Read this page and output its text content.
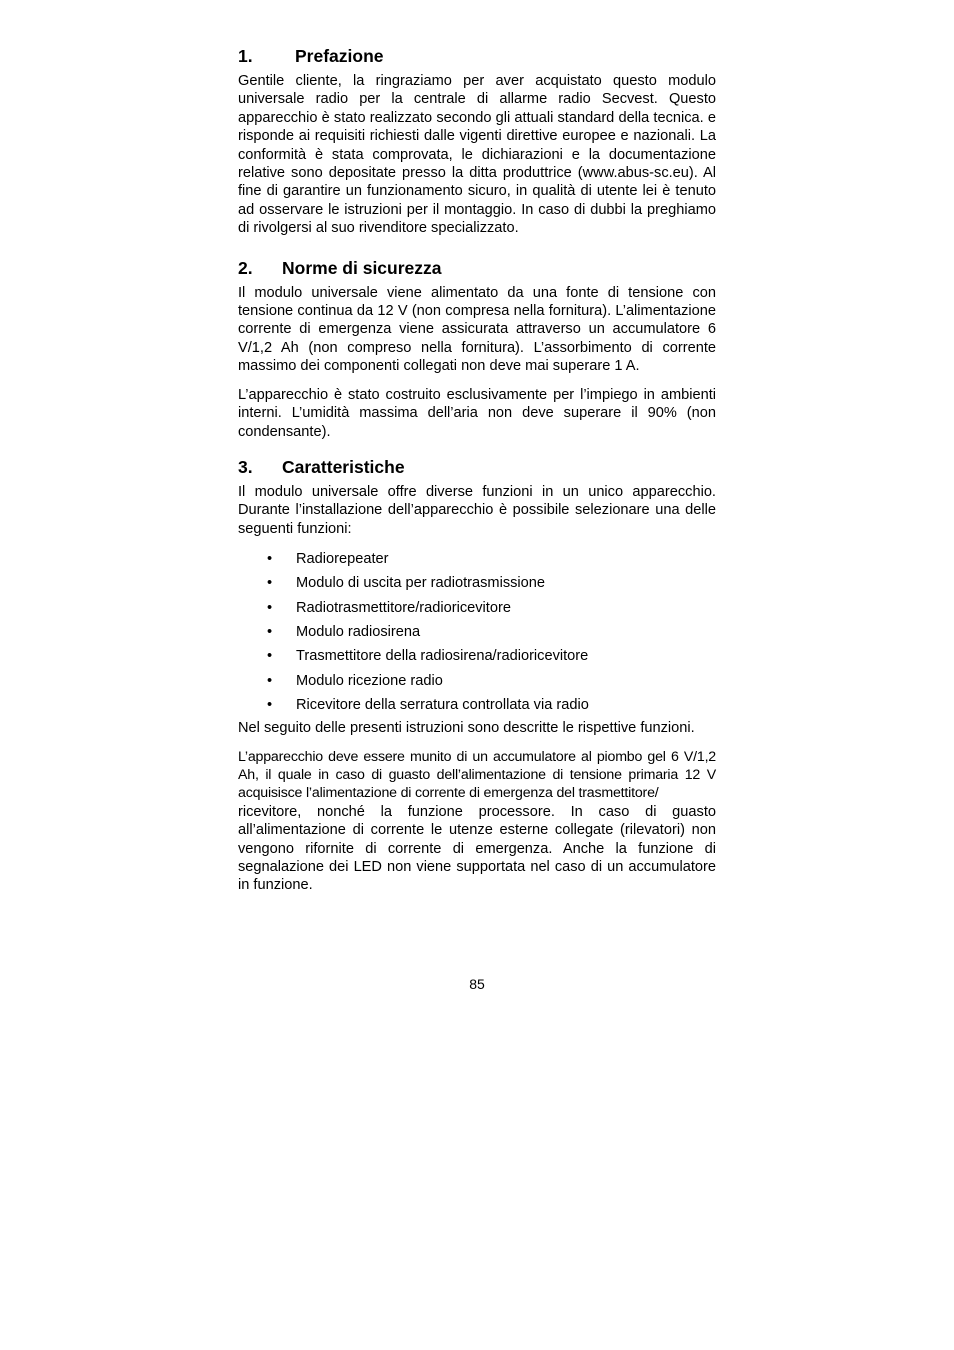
1.	Prefazione

Gentile cliente, la ringraziamo per aver acquistato questo modulo universale radio per la centrale di allarme radio Secvest. Questo apparecchio è stato realizzato secondo gli attuali standard della tecnica. e risponde ai requisiti richiesti dalle vigenti direttive europee e nazionali. La conformità è stata comprovata, le dichiarazioni e la documentazione relative sono depositate presso la ditta produttrice (www.abus-sc.eu). Al fine di garantire un funzionamento sicuro, in qualità di utente lei è tenuto ad osservare le istruzioni per il montaggio. In caso di dubbi la preghiamo di rivolgersi al suo rivenditore specializzato.

2.	Norme di sicurezza

Il modulo universale viene alimentato da una fonte di tensione con tensione continua da 12 V (non compresa nella fornitura). L’alimentazione corrente di emergenza viene assicurata attraverso un accumulatore 6 V/1,2 Ah (non compreso nella fornitura). L’assorbimento di corrente massimo dei componenti collegati non deve mai superare 1 A.

L’apparecchio è stato costruito esclusivamente per l’impiego in ambienti interni. L’umidità massima dell’aria non deve superare il 90% (non condensante).

3.	Caratteristiche

Il modulo universale offre diverse funzioni in un unico apparecchio. Durante l’installazione dell’apparecchio è possibile selezionare una delle seguenti funzioni:

•	Radiorepeater
•	Modulo di uscita per radiotrasmissione
•	Radiotrasmettitore/radioricevitore
•	Modulo radiosirena
•	Trasmettitore della radiosirena/radioricevitore
•	Modulo ricezione radio
•	Ricevitore della serratura controllata via radio

Nel seguito delle presenti istruzioni sono descritte le rispettive funzioni.

L’apparecchio deve essere munito di un accumulatore al piombo gel 6 V/1,2 Ah, il quale in caso di guasto dell’alimentazione di tensione primaria 12 V acquisisce l’alimentazione di corrente di emergenza del trasmettitore/

ricevitore, nonché la funzione processore. In caso di guasto all’alimentazione di corrente le utenze esterne collegate (rilevatori) non vengono rifornite di corrente di emergenza. Anche la funzione di segnalazione dei LED non viene supportata nel caso di un accumulatore in funzione.

85
